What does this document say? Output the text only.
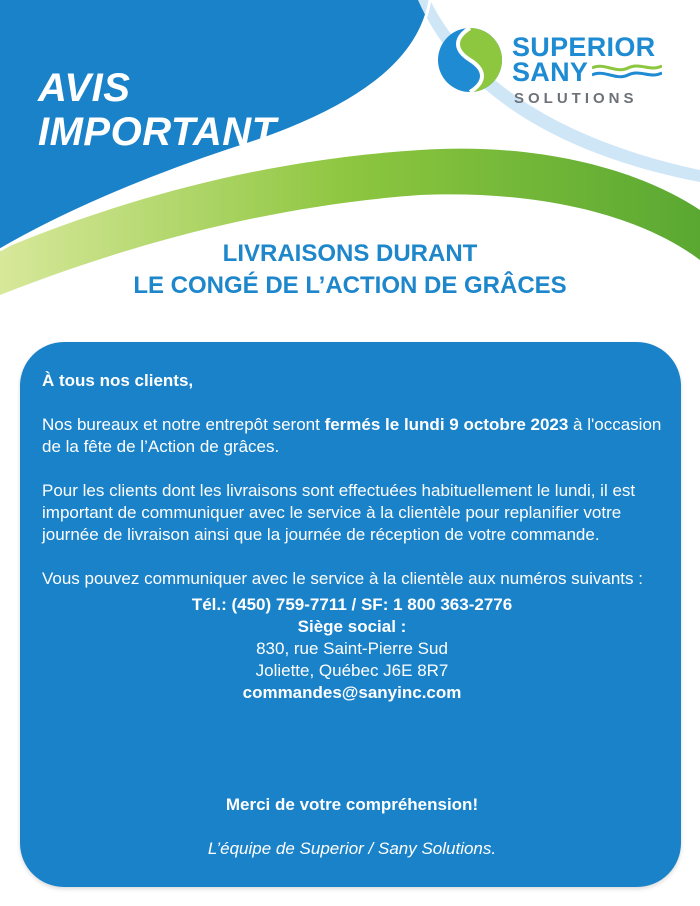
AVIS
IMPORTANT
SUPERIOR
SANY
SOLUTIONS
LIVRAISONS DURANT
LE CONGÉ DE L’ACTION DE GRÂCES

À tous nos clients,

Nos bureaux et notre entrepôt seront fermés le lundi 9 octobre 2023 à l'occasion de la fête de l’Action de grâces.

Pour les clients dont les livraisons sont effectuées habituellement le lundi, il est important de communiquer avec le service à la clientèle pour replanifier votre journée de livraison ainsi que la journée de réception de votre commande.

Vous pouvez communiquer avec le service à la clientèle aux numéros suivants :

Tél.: (450) 759-7711 / SF: 1 800 363-2776
Siège social :
830, rue Saint-Pierre Sud
Joliette, Québec J6E 8R7
commandes@sanyinc.com
Merci de votre compréhension!
L’équipe de Superior / Sany Solutions.
